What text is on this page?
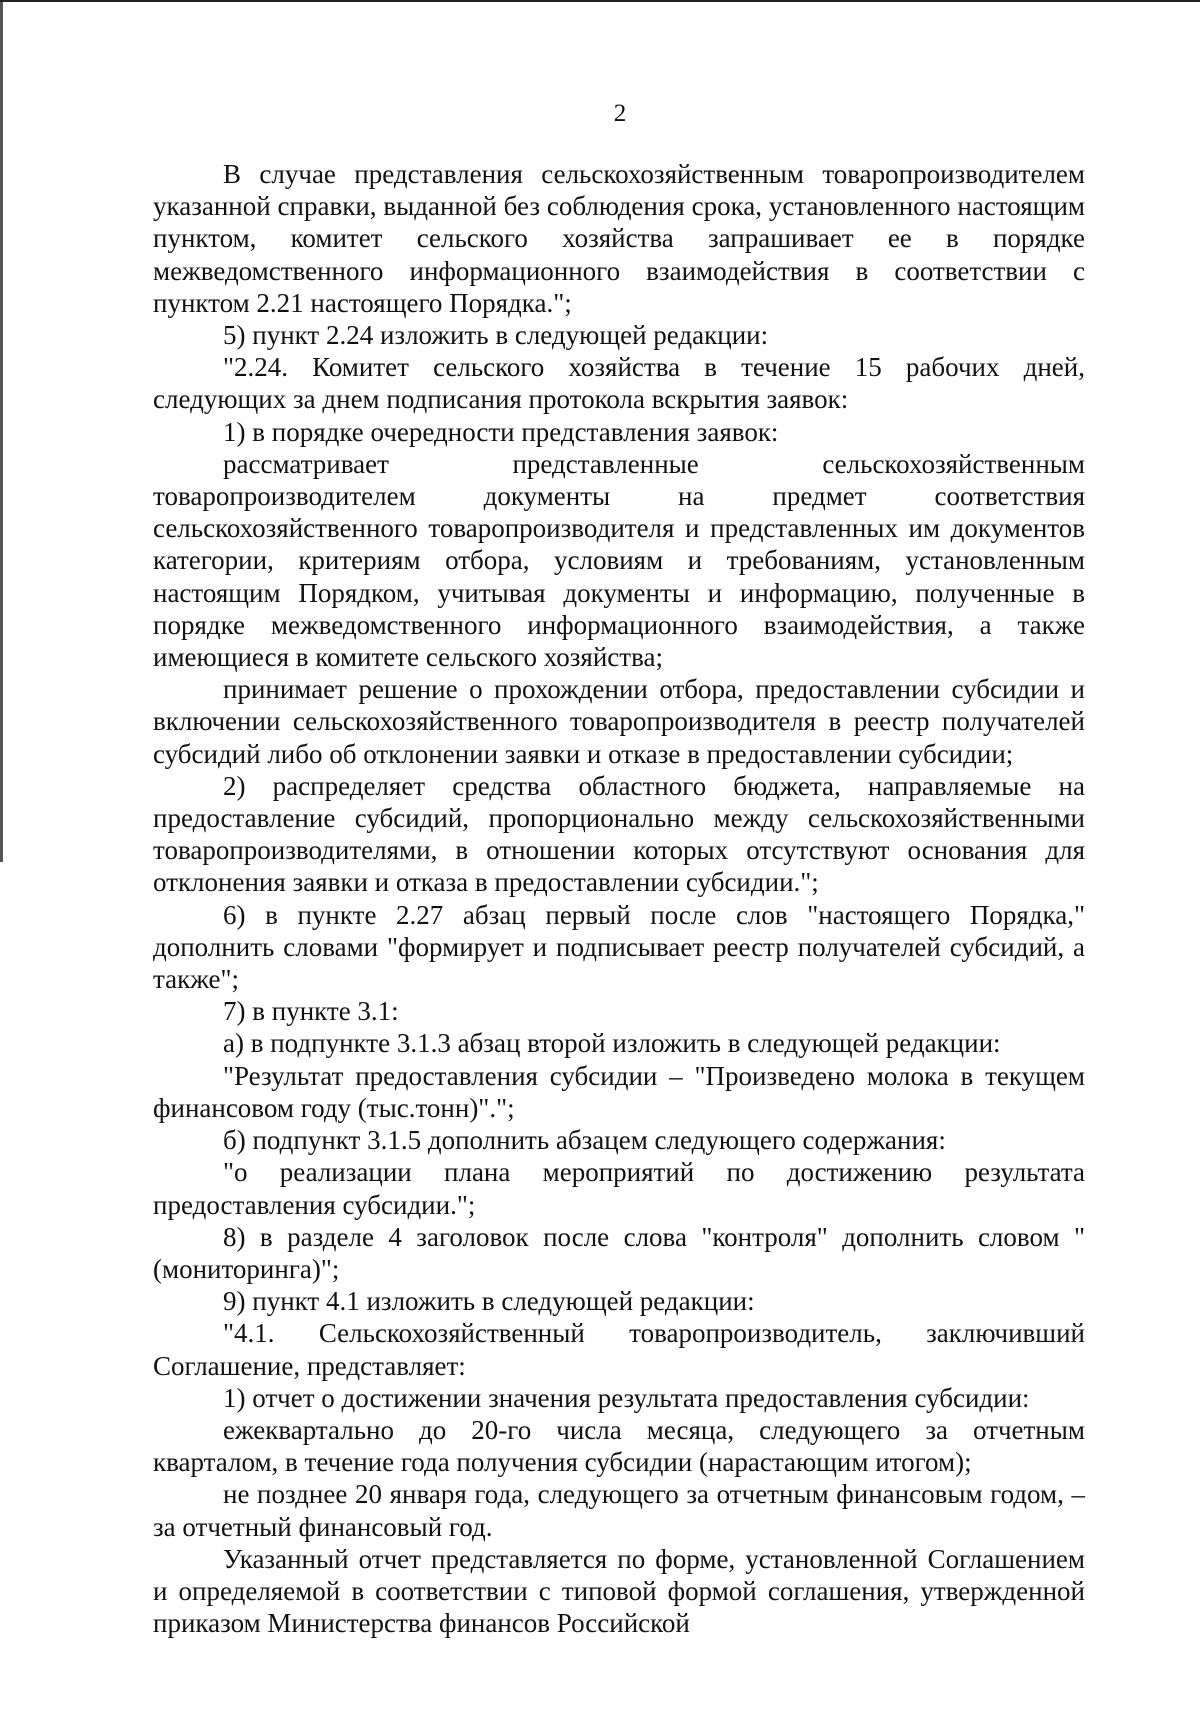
2

В случае представления сельскохозяйственным товаропроизводителем указанной справки, выданной без соблюдения срока, установленного настоящим пунктом, комитет сельского хозяйства запрашивает ее в порядке межведомственного информационного взаимодействия в соответствии с пунктом 2.21 настоящего Порядка.";

5) пункт 2.24 изложить в следующей редакции:

"2.24. Комитет сельского хозяйства в течение 15 рабочих дней, следующих за днем подписания протокола вскрытия заявок:

1) в порядке очередности представления заявок:

рассматривает представленные сельскохозяйственным товаропроизводителем документы на предмет соответствия сельскохозяйственного товаропроизводителя и представленных им документов категории, критериям отбора, условиям и требованиям, установленным настоящим Порядком, учитывая документы и информацию, полученные в порядке межведомственного информационного взаимодействия, а также имеющиеся в комитете сельского хозяйства;

принимает решение о прохождении отбора, предоставлении субсидии и включении сельскохозяйственного товаропроизводителя в реестр получателей субсидий либо об отклонении заявки и отказе в предоставлении субсидии;

2) распределяет средства областного бюджета, направляемые на предоставление субсидий, пропорционально между сельскохозяйственными товаропроизводителями, в отношении которых отсутствуют основания для отклонения заявки и отказа в предоставлении субсидии.";

6) в пункте 2.27 абзац первый после слов "настоящего Порядка," дополнить словами "формирует и подписывает реестр получателей субсидий, а также";

7) в пункте 3.1:

а) в подпункте 3.1.3 абзац второй изложить в следующей редакции:

"Результат предоставления субсидии – "Произведено молока в текущем финансовом году (тыс.тонн)".";

б) подпункт 3.1.5 дополнить абзацем следующего содержания:

"о реализации плана мероприятий по достижению результата предоставления субсидии.";

8) в разделе 4 заголовок после слова "контроля" дополнить словом "(мониторинга)";

9) пункт 4.1 изложить в следующей редакции:

"4.1. Сельскохозяйственный товаропроизводитель, заключивший Соглашение, представляет:

1) отчет о достижении значения результата предоставления субсидии:

ежеквартально до 20-го числа месяца, следующего за отчетным кварталом, в течение года получения субсидии (нарастающим итогом);

не позднее 20 января года, следующего за отчетным финансовым годом, – за отчетный финансовый год.

Указанный отчет представляется по форме, установленной Соглашением и определяемой в соответствии с типовой формой соглашения, утвержденной приказом Министерства финансов Российской
